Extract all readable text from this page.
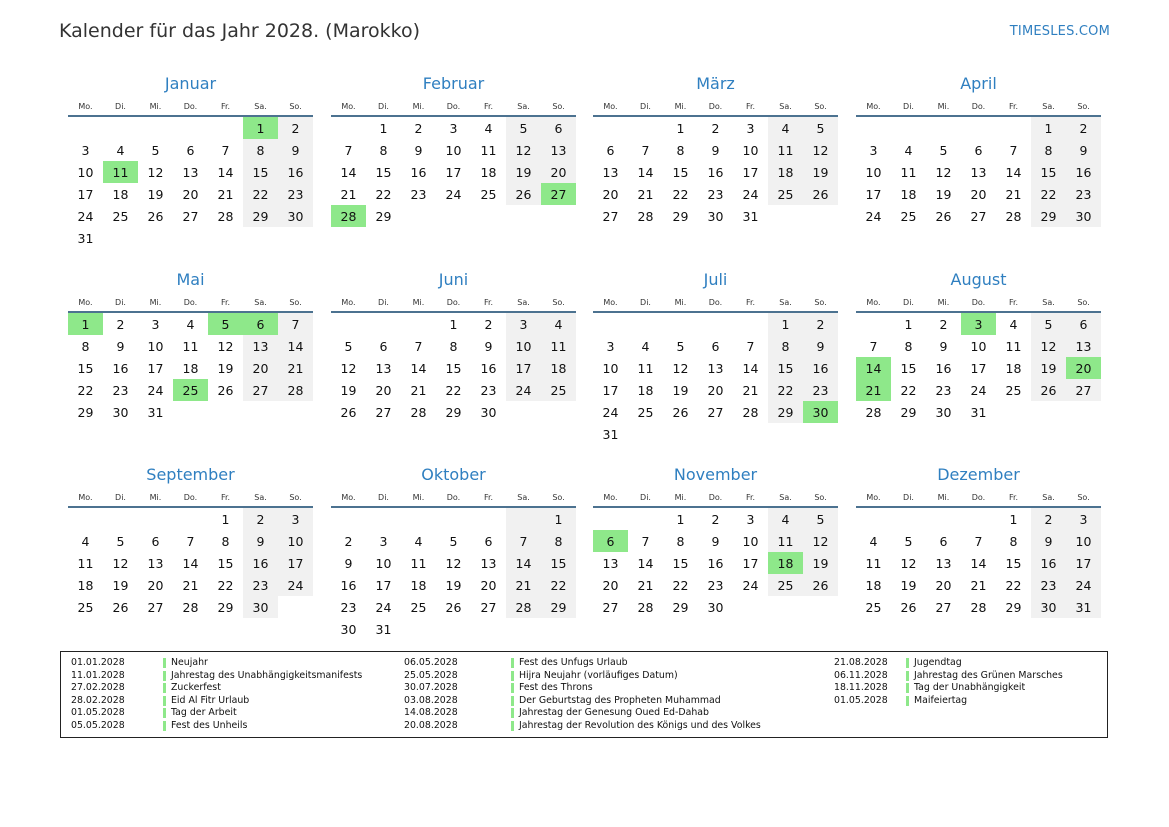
Kalender für das Jahr 2028. (Marokko)	TIMESLES.COM
Januar
Mo.	Di.	Mi.	Do.	Fr.	Sa.	So.
					1	2
3	4	5	6	7	8	9
10	11	12	13	14	15	16
17	18	19	20	21	22	23
24	25	26	27	28	29	30
31						
Februar
Mo.	Di.	Mi.	Do.	Fr.	Sa.	So.
	1	2	3	4	5	6
7	8	9	10	11	12	13
14	15	16	17	18	19	20
21	22	23	24	25	26	27
28	29					
März
Mo.	Di.	Mi.	Do.	Fr.	Sa.	So.
		1	2	3	4	5
6	7	8	9	10	11	12
13	14	15	16	17	18	19
20	21	22	23	24	25	26
27	28	29	30	31		
April
Mo.	Di.	Mi.	Do.	Fr.	Sa.	So.
					1	2
3	4	5	6	7	8	9
10	11	12	13	14	15	16
17	18	19	20	21	22	23
24	25	26	27	28	29	30
Mai
Mo.	Di.	Mi.	Do.	Fr.	Sa.	So.
1	2	3	4	5	6	7
8	9	10	11	12	13	14
15	16	17	18	19	20	21
22	23	24	25	26	27	28
29	30	31				
Juni
Mo.	Di.	Mi.	Do.	Fr.	Sa.	So.
			1	2	3	4
5	6	7	8	9	10	11
12	13	14	15	16	17	18
19	20	21	22	23	24	25
26	27	28	29	30		
Juli
Mo.	Di.	Mi.	Do.	Fr.	Sa.	So.
					1	2
3	4	5	6	7	8	9
10	11	12	13	14	15	16
17	18	19	20	21	22	23
24	25	26	27	28	29	30
31						
August
Mo.	Di.	Mi.	Do.	Fr.	Sa.	So.
	1	2	3	4	5	6
7	8	9	10	11	12	13
14	15	16	17	18	19	20
21	22	23	24	25	26	27
28	29	30	31			
September
Mo.	Di.	Mi.	Do.	Fr.	Sa.	So.
				1	2	3
4	5	6	7	8	9	10
11	12	13	14	15	16	17
18	19	20	21	22	23	24
25	26	27	28	29	30	
Oktober
Mo.	Di.	Mi.	Do.	Fr.	Sa.	So.
						1
2	3	4	5	6	7	8
9	10	11	12	13	14	15
16	17	18	19	20	21	22
23	24	25	26	27	28	29
30	31					
November
Mo.	Di.	Mi.	Do.	Fr.	Sa.	So.
		1	2	3	4	5
6	7	8	9	10	11	12
13	14	15	16	17	18	19
20	21	22	23	24	25	26
27	28	29	30			
Dezember
Mo.	Di.	Mi.	Do.	Fr.	Sa.	So.
				1	2	3
4	5	6	7	8	9	10
11	12	13	14	15	16	17
18	19	20	21	22	23	24
25	26	27	28	29	30	31
01.01.2028	Neujahr
11.01.2028	Jahrestag des Unabhängigkeitsmanifests
27.02.2028	Zuckerfest
28.02.2028	Eid Al Fitr Urlaub
01.05.2028	Tag der Arbeit
05.05.2028	Fest des Unheils
06.05.2028	Fest des Unfugs Urlaub
25.05.2028	Hijra Neujahr (vorläufiges Datum)
30.07.2028	Fest des Throns
03.08.2028	Der Geburtstag des Propheten Muhammad
14.08.2028	Jahrestag der Genesung Oued Ed-Dahab
20.08.2028	Jahrestag der Revolution des Königs und des Volkes
21.08.2028	Jugendtag
06.11.2028	Jahrestag des Grünen Marsches
18.11.2028	Tag der Unabhängigkeit
01.05.2028	Maifeiertag
